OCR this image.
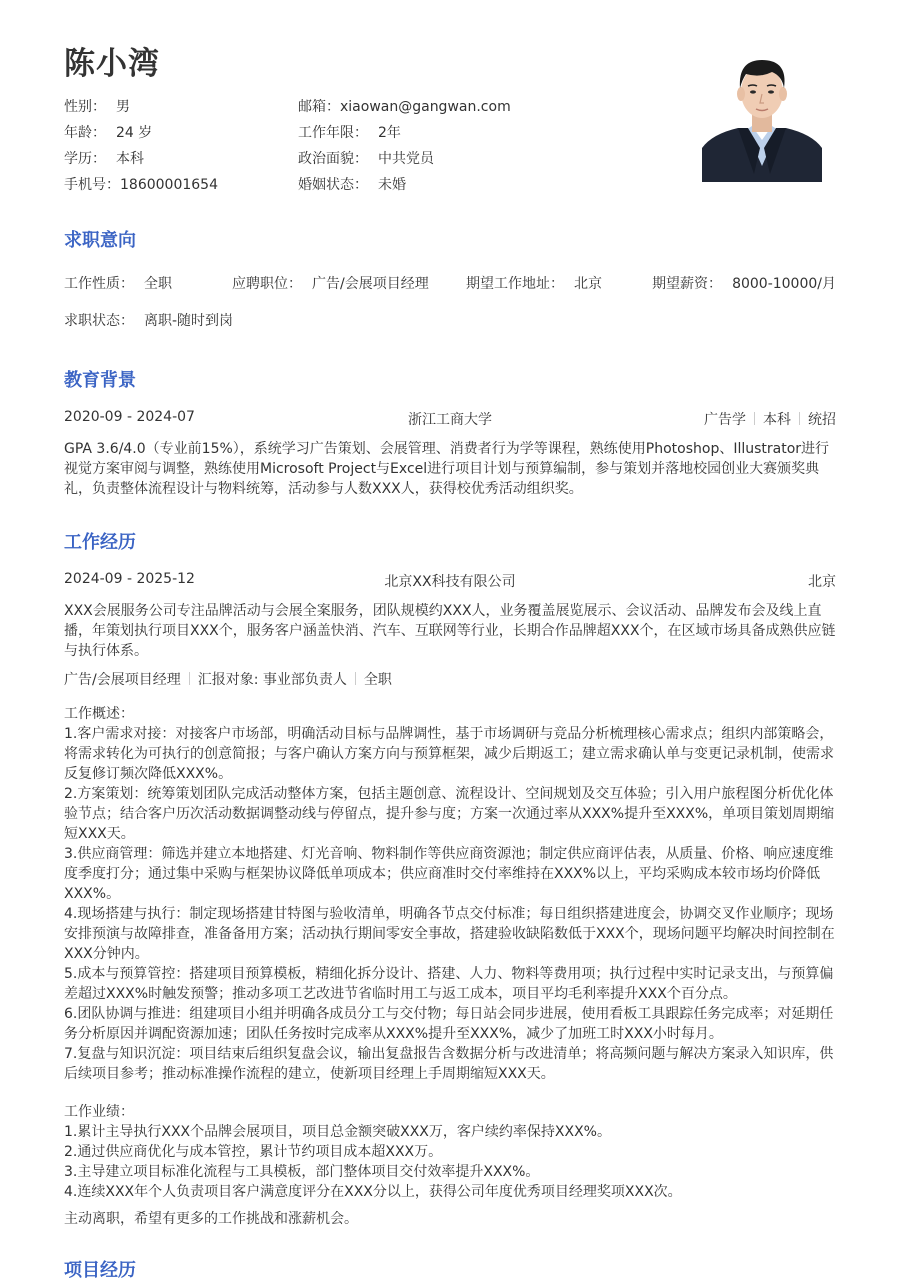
陈小湾
性别： 男	邮箱：xiaowan@gangwan.com
年龄： 24 岁	工作年限： 2年
学历： 本科	政治面貌： 中共党员
手机号：18600001654	婚姻状态： 未婚
求职意向
工作性质： 全职	应聘职位： 广告/会展项目经理	期望工作地址： 北京	期望薪资： 8000-10000/月
求职状态： 离职-随时到岗
教育背景
2020-09 - 2024-07	浙江工商大学	广告学 本科 统招
GPA 3.6/4.0（专业前15%），系统学习广告策划、会展管理、消费者行为学等课程，熟练使用Photoshop、Illustrator进行视觉方案审阅与调整，熟练使用Microsoft Project与Excel进行项目计划与预算编制，参与策划并落地校园创业大赛颁奖典礼，负责整体流程设计与物料统筹，活动参与人数XXX人，获得校优秀活动组织奖。
工作经历
2024-09 - 2025-12	北京XX科技有限公司	北京
XXX会展服务公司专注品牌活动与会展全案服务，团队规模约XXX人，业务覆盖展览展示、会议活动、品牌发布会及线上直播，年策划执行项目XXX个，服务客户涵盖快消、汽车、互联网等行业，长期合作品牌超XXX个，在区域市场具备成熟供应链与执行体系。
广告/会展项目经理 汇报对象: 事业部负责人 全职

工作概述：

1.客户需求对接：对接客户市场部，明确活动目标与品牌调性，基于市场调研与竞品分析梳理核心需求点；组织内部策略会，将需求转化为可执行的创意简报；与客户确认方案方向与预算框架，减少后期返工；建立需求确认单与变更记录机制，使需求反复修订频次降低XXX%。

2.方案策划：统筹策划团队完成活动整体方案，包括主题创意、流程设计、空间规划及交互体验；引入用户旅程图分析优化体验节点；结合客户历次活动数据调整动线与停留点，提升参与度；方案一次通过率从XXX%提升至XXX%，单项目策划周期缩短XXX天。

3.供应商管理：筛选并建立本地搭建、灯光音响、物料制作等供应商资源池；制定供应商评估表，从质量、价格、响应速度维度季度打分；通过集中采购与框架协议降低单项成本；供应商准时交付率维持在XXX%以上，平均采购成本较市场均价降低XXX%。

4.现场搭建与执行：制定现场搭建甘特图与验收清单，明确各节点交付标准；每日组织搭建进度会，协调交叉作业顺序；现场安排预演与故障排查，准备备用方案；活动执行期间零安全事故，搭建验收缺陷数低于XXX个，现场问题平均解决时间控制在XXX分钟内。

5.成本与预算管控：搭建项目预算模板，精细化拆分设计、搭建、人力、物料等费用项；执行过程中实时记录支出，与预算偏差超过XXX%时触发预警；推动多项工艺改进节省临时用工与返工成本，项目平均毛利率提升XXX个百分点。

6.团队协调与推进：组建项目小组并明确各成员分工与交付物；每日站会同步进展，使用看板工具跟踪任务完成率；对延期任务分析原因并调配资源加速；团队任务按时完成率从XXX%提升至XXX%，减少了加班工时XXX小时每月。

7.复盘与知识沉淀：项目结束后组织复盘会议，输出复盘报告含数据分析与改进清单；将高频问题与解决方案录入知识库，供后续项目参考；推动标准操作流程的建立，使新项目经理上手周期缩短XXX天。

工作业绩：

1.累计主导执行XXX个品牌会展项目，项目总金额突破XXX万，客户续约率保持XXX%。

2.通过供应商优化与成本管控，累计节约项目成本超XXX万。

3.主导建立项目标准化流程与工具模板，部门整体项目交付效率提升XXX%。

4.连续XXX年个人负责项目客户满意度评分在XXX分以上，获得公司年度优秀项目经理奖项XXX次。

主动离职，希望有更多的工作挑战和涨薪机会。
项目经历
